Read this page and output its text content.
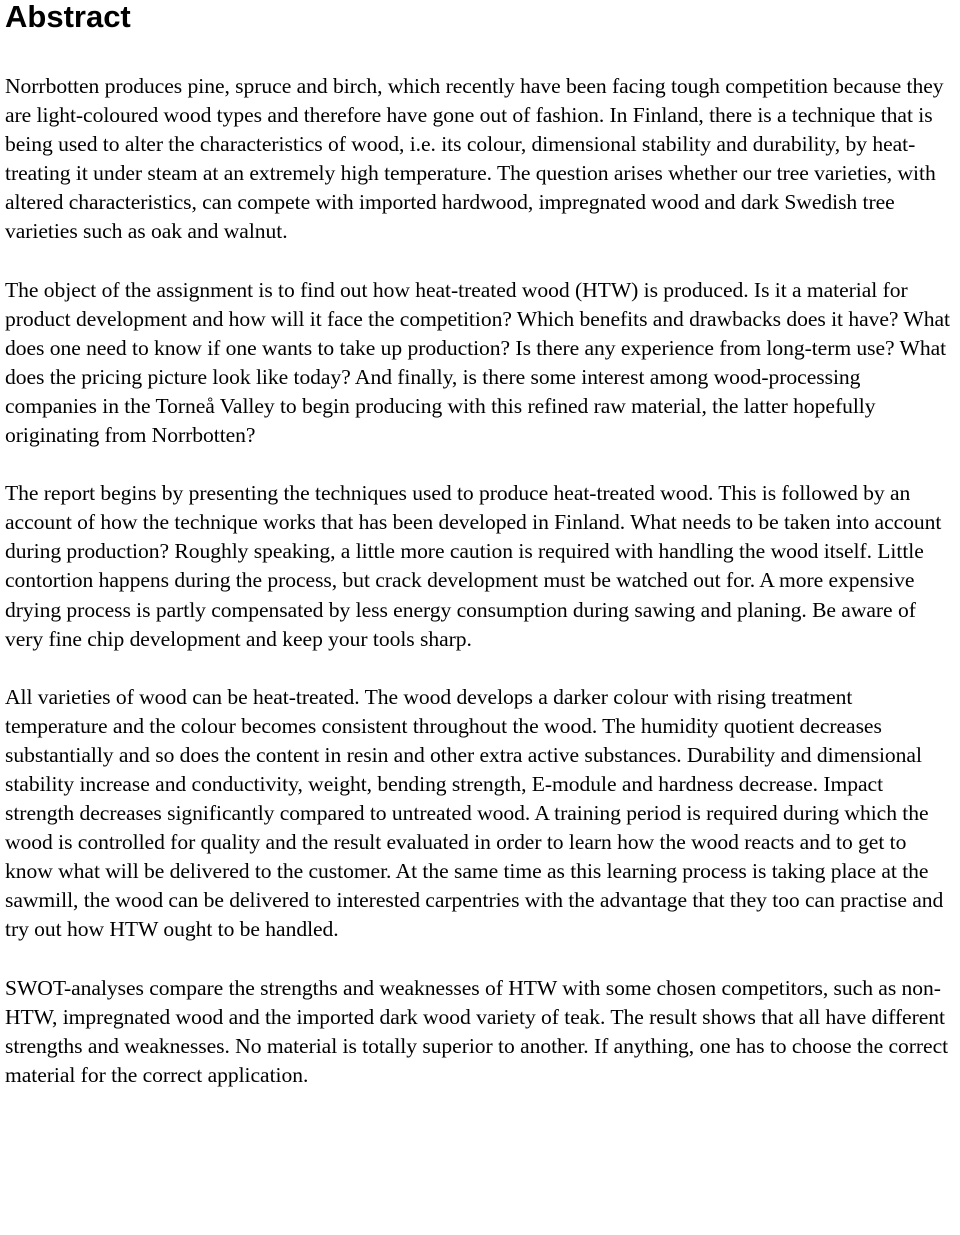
Abstract

Norrbotten produces pine, spruce and birch, which recently have been facing tough competition because they are light-coloured wood types and therefore have gone out of fashion. In Finland, there is a technique that is being used to alter the characteristics of wood, i.e. its colour, dimensional stability and durability, by heat-treating it under steam at an extremely high temperature. The question arises whether our tree varieties, with altered characteristics, can compete with imported hardwood, impregnated wood and dark Swedish tree varieties such as oak and walnut.

The object of the assignment is to find out how heat-treated wood (HTW) is produced. Is it a material for product development and how will it face the competition? Which benefits and drawbacks does it have? What does one need to know if one wants to take up production? Is there any experience from long-term use? What does the pricing picture look like today? And finally, is there some interest among wood-processing companies in the Torneå Valley to begin producing with this refined raw material, the latter hopefully originating from Norrbotten?

The report begins by presenting the techniques used to produce heat-treated wood. This is followed by an account of how the technique works that has been developed in Finland. What needs to be taken into account during production? Roughly speaking, a little more caution is required with handling the wood itself. Little contortion happens during the process, but crack development must be watched out for. A more expensive drying process is partly compensated by less energy consumption during sawing and planing. Be aware of very fine chip development and keep your tools sharp.

All varieties of wood can be heat-treated. The wood develops a darker colour with rising treatment temperature and the colour becomes consistent throughout the wood. The humidity quotient decreases substantially and so does the content in resin and other extra active substances. Durability and dimensional stability increase and conductivity, weight, bending strength, E-module and hardness decrease. Impact strength decreases significantly compared to untreated wood. A training period is required during which the wood is controlled for quality and the result evaluated in order to learn how the wood reacts and to get to know what will be delivered to the customer. At the same time as this learning process is taking place at the sawmill, the wood can be delivered to interested carpentries with the advantage that they too can practise and try out how HTW ought to be handled.

SWOT-analyses compare the strengths and weaknesses of HTW with some chosen competitors, such as non-HTW, impregnated wood and the imported dark wood variety of teak. The result shows that all have different strengths and weaknesses. No material is totally superior to another. If anything, one has to choose the correct material for the correct application.
